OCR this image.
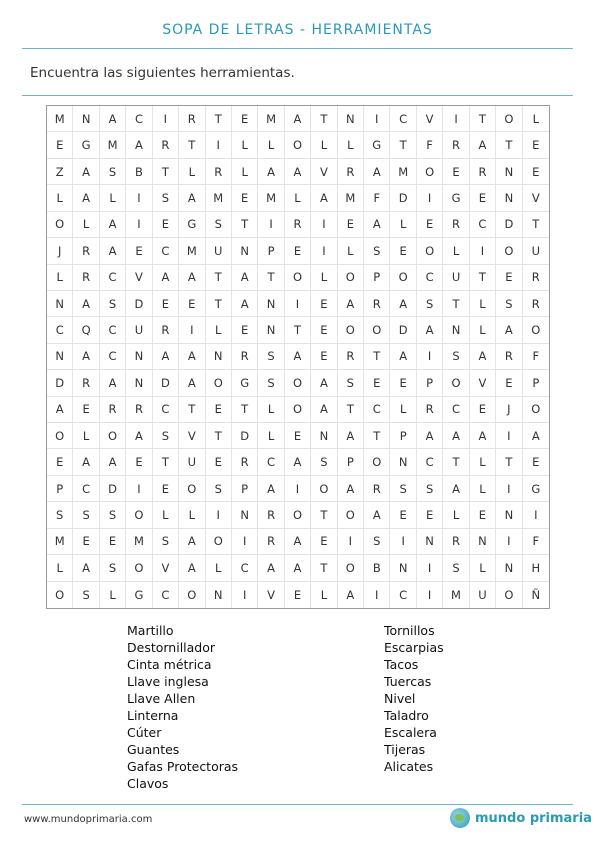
SOPA DE LETRAS - HERRAMIENTAS
Encuentra las siguientes herramientas.
M	N	A	C	I	R	T	E	M	A	T	N	I	C	V	I	T	O	L
E	G	M	A	R	T	I	L	L	O	L	L	G	T	F	R	A	T	E
Z	A	S	B	T	L	R	L	A	A	V	R	A	M	O	E	R	N	E
L	A	L	I	S	A	M	E	M	L	A	M	F	D	I	G	E	N	V
O	L	A	I	E	G	S	T	I	R	I	E	A	L	E	R	C	D	T
J	R	A	E	C	M	U	N	P	E	I	L	S	E	O	L	I	O	U
L	R	C	V	A	A	T	A	T	O	L	O	P	O	C	U	T	E	R
N	A	S	D	E	E	T	A	N	I	E	A	R	A	S	T	L	S	R
C	Q	C	U	R	I	L	E	N	T	E	O	O	D	A	N	L	A	O
N	A	C	N	A	A	N	R	S	A	E	R	T	A	I	S	A	R	F
D	R	A	N	D	A	O	G	S	O	A	S	E	E	P	O	V	E	P
A	E	R	R	C	T	E	T	L	O	A	T	C	L	R	C	E	J	O
O	L	O	A	S	V	T	D	L	E	N	A	T	P	A	A	A	I	A
E	A	A	E	T	U	E	R	C	A	S	P	O	N	C	T	L	T	E
P	C	D	I	E	O	S	P	A	I	O	A	R	S	S	A	L	I	G
S	S	S	O	L	L	I	N	R	O	T	O	A	E	E	L	E	N	I
M	E	E	M	S	A	O	I	R	A	E	I	S	I	N	R	N	I	F
L	A	S	O	V	A	L	C	A	A	T	O	B	N	I	S	L	N	H
O	S	L	G	C	O	N	I	V	E	L	A	I	C	I	M	U	O	Ñ
Martillo
Destornillador
Cinta métrica
Llave inglesa
Llave Allen
Linterna
Cúter
Guantes
Gafas Protectoras
Clavos
Tornillos
Escarpias
Tacos
Tuercas
Nivel
Taladro
Escalera
Tijeras
Alicates
www.mundoprimaria.com	mundo primaria
